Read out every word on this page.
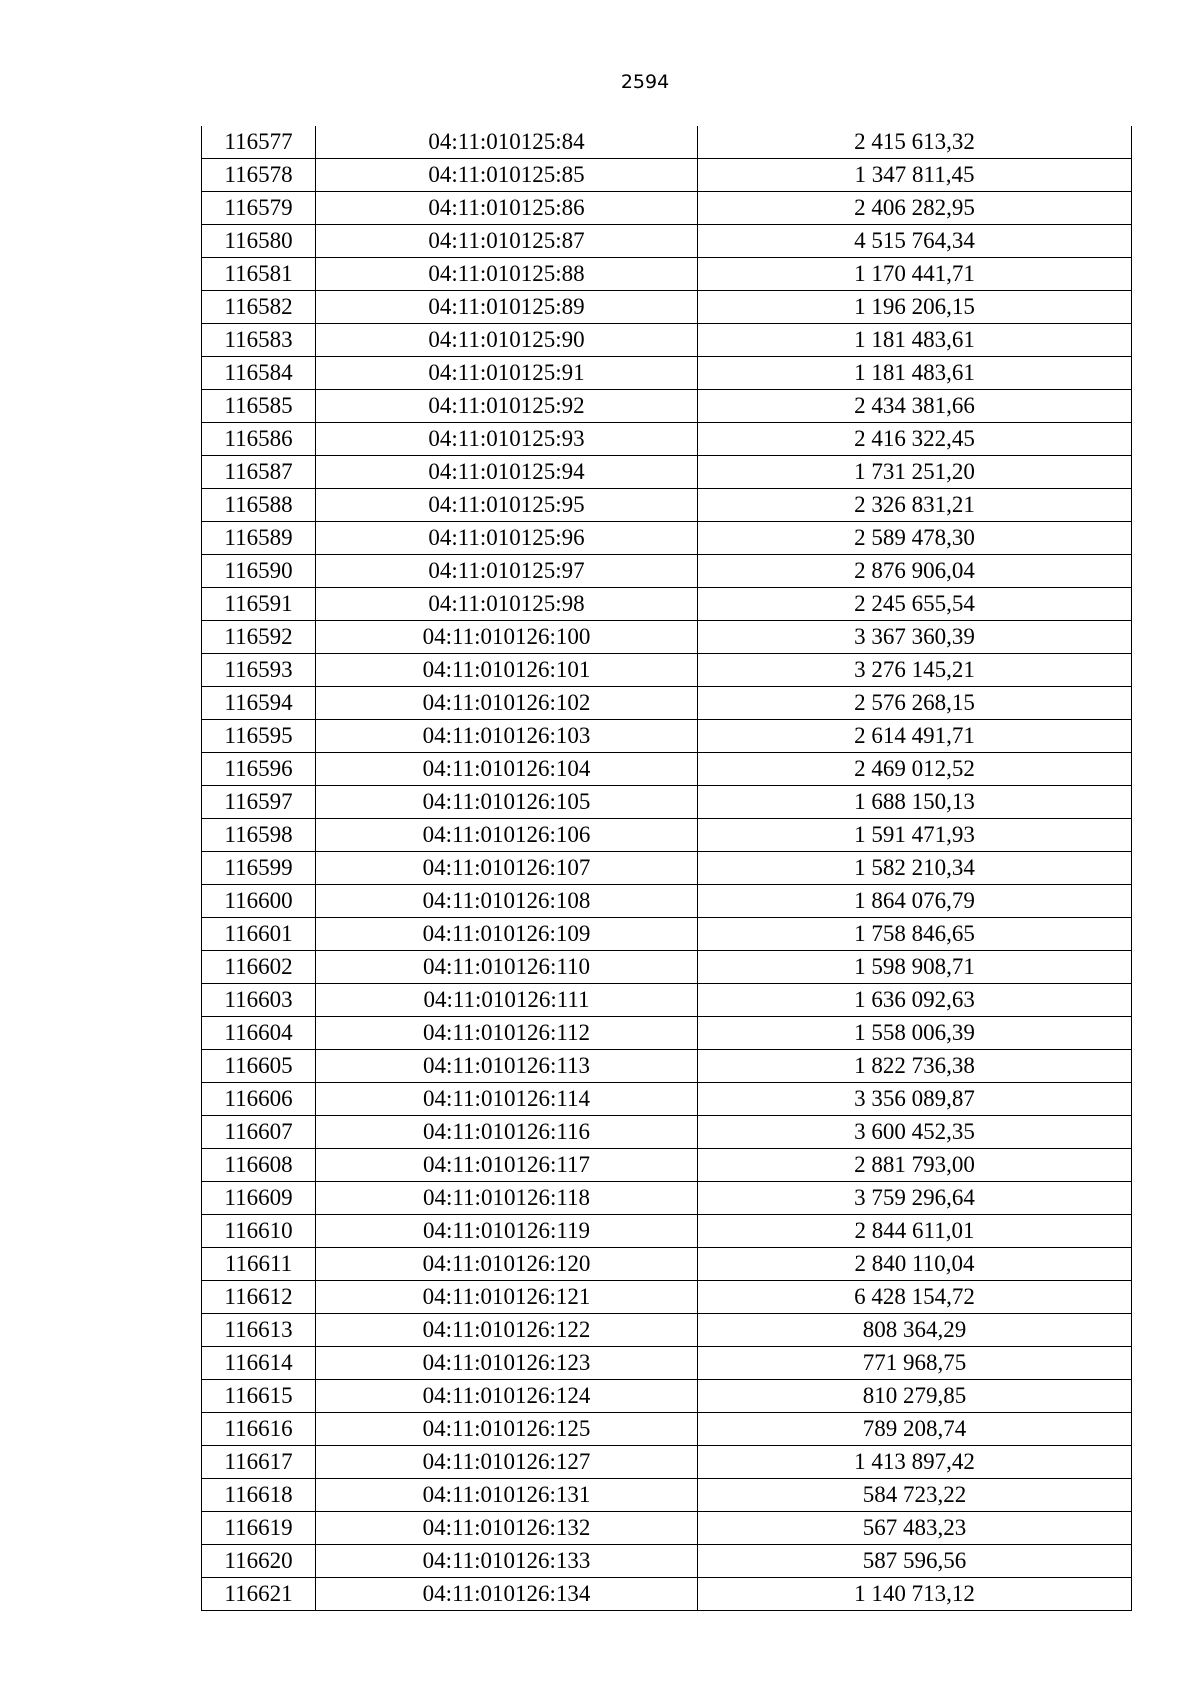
2594
116577	04:11:010125:84	2 415 613,32
116578	04:11:010125:85	1 347 811,45
116579	04:11:010125:86	2 406 282,95
116580	04:11:010125:87	4 515 764,34
116581	04:11:010125:88	1 170 441,71
116582	04:11:010125:89	1 196 206,15
116583	04:11:010125:90	1 181 483,61
116584	04:11:010125:91	1 181 483,61
116585	04:11:010125:92	2 434 381,66
116586	04:11:010125:93	2 416 322,45
116587	04:11:010125:94	1 731 251,20
116588	04:11:010125:95	2 326 831,21
116589	04:11:010125:96	2 589 478,30
116590	04:11:010125:97	2 876 906,04
116591	04:11:010125:98	2 245 655,54
116592	04:11:010126:100	3 367 360,39
116593	04:11:010126:101	3 276 145,21
116594	04:11:010126:102	2 576 268,15
116595	04:11:010126:103	2 614 491,71
116596	04:11:010126:104	2 469 012,52
116597	04:11:010126:105	1 688 150,13
116598	04:11:010126:106	1 591 471,93
116599	04:11:010126:107	1 582 210,34
116600	04:11:010126:108	1 864 076,79
116601	04:11:010126:109	1 758 846,65
116602	04:11:010126:110	1 598 908,71
116603	04:11:010126:111	1 636 092,63
116604	04:11:010126:112	1 558 006,39
116605	04:11:010126:113	1 822 736,38
116606	04:11:010126:114	3 356 089,87
116607	04:11:010126:116	3 600 452,35
116608	04:11:010126:117	2 881 793,00
116609	04:11:010126:118	3 759 296,64
116610	04:11:010126:119	2 844 611,01
116611	04:11:010126:120	2 840 110,04
116612	04:11:010126:121	6 428 154,72
116613	04:11:010126:122	808 364,29
116614	04:11:010126:123	771 968,75
116615	04:11:010126:124	810 279,85
116616	04:11:010126:125	789 208,74
116617	04:11:010126:127	1 413 897,42
116618	04:11:010126:131	584 723,22
116619	04:11:010126:132	567 483,23
116620	04:11:010126:133	587 596,56
116621	04:11:010126:134	1 140 713,12
